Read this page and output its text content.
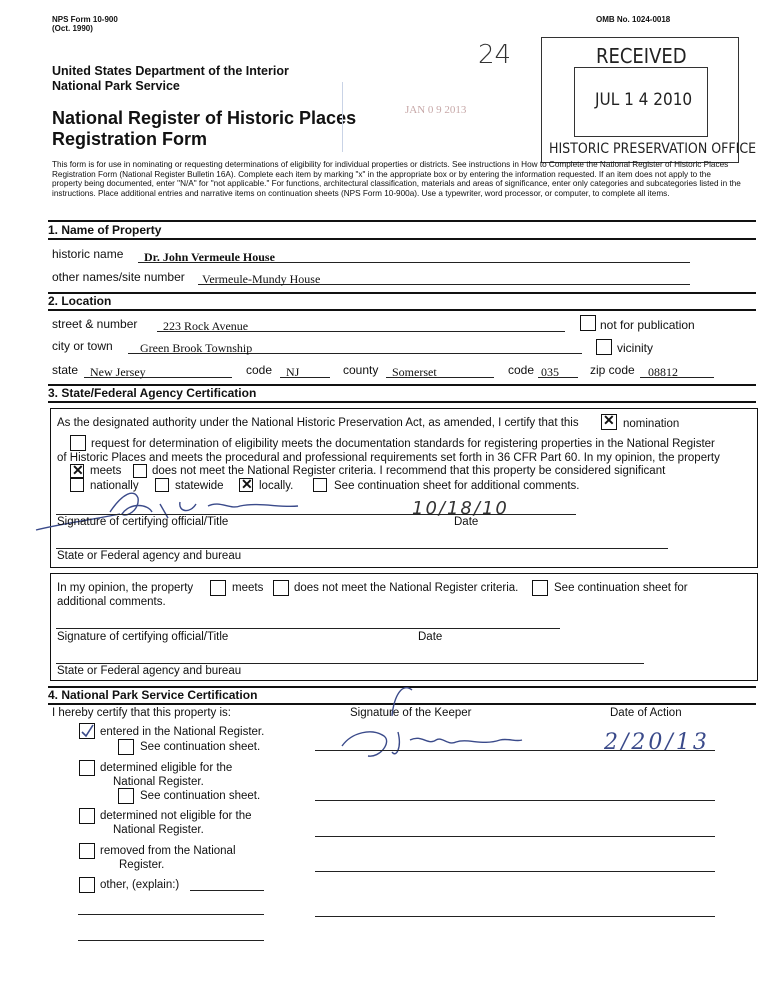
NPS Form 10-900
(Oct. 1990)
OMB No. 1024-0018
United States Department of the Interior
National Park Service
National Register of Historic Places
Registration Form
24
JAN 0 9 2013
RECEIVED
JUL 1 4 2010
HISTORIC PRESERVATION OFFICE
This form is for use in nominating or requesting determinations of eligibility for individual properties or districts. See instructions in How to Complete the National Register of Historic Places Registration Form (National Register Bulletin 16A). Complete each item by marking "x" in the appropriate box or by entering the information requested. If an item does not apply to the property being documented, enter "N/A" for "not applicable." For functions, architectural classification, materials and areas of significance, enter only categories and subcategories listed in the instructions. Place additional entries and narrative items on continuation sheets (NPS Form 10-900a). Use a typewriter, word processor, or computer, to complete all items.
1. Name of Property
historic name	Dr. John Vermeule House
other names/site number	Vermeule-Mundy House
2. Location
street & number	223 Rock Avenue	not for publication
city or town	Green Brook Township	vicinity
state New Jersey	code	NJ	county	Somerset	code 035	zip code	08812
3. State/Federal Agency Certification
As the designated authority under the National Historic Preservation Act, as amended, I certify that this ✕	nomination
request for determination of eligibility meets the documentation standards for registering properties in the National Register
of Historic Places and meets the procedural and professional requirements set forth in 36 CFR Part 60. In my opinion, the property
✕
meets	does not meet the National Register criteria. I recommend that this property be considered significant
nationally	statewide ✕	locally.	See continuation sheet for additional comments.
10/18/10
Signature of certifying official/Title	Date
State or Federal agency and bureau
In my opinion, the property	meets	does not meet the National Register criteria.	See continuation sheet for
additional comments.
Signature of certifying official/Title	Date
State or Federal agency and bureau
4. National Park Service Certification
I hereby certify that this property is:	Signature of the Keeper	Date of Action
2/20/13
entered in the National Register.
See continuation sheet.
determined eligible for the
National Register.
See continuation sheet.
determined not eligible for the
National Register.
removed from the National
Register.
other, (explain:)
